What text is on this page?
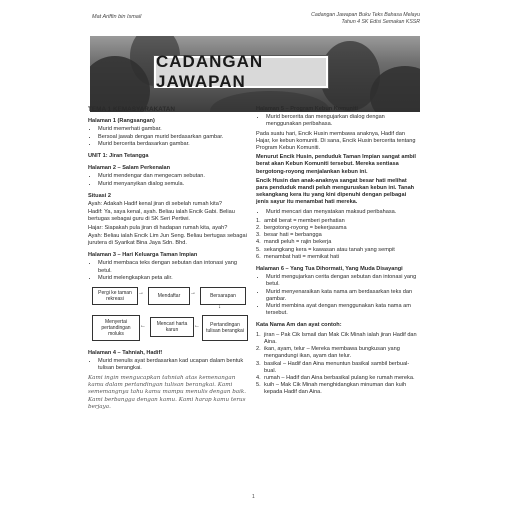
Mat Ariffin bin Ismail	Cadangan Jawapan Buku Teks Bahasa Melayu
Tahun 4 SK Edisi Semakan KSSR
CADANGAN JAWAPAN
TEMA 1 KEMASYARAKATAN
Halaman 1 (Rangsangan)
• Murid memerhati gambar.
• Bersoal jawab dengan murid berdasarkan gambar.
• Murid bercerita berdasarkan gambar.
UNIT 1: Jiran Tetangga
Halaman 2 – Salam Perkenalan
• Murid mendengar dan mengecam sebutan.
• Murid menyanyikan dialog semula.
Situasi 2

Ayah: Adakah Hadif kenal jiran di sebelah rumah kita?

Hadif: Ya, saya kenal, ayah. Beliau ialah Encik Gabi. Beliau bertugas sebagai guru di SK Seri Pertiwi.

Hajar: Siapakah pula jiran di hadapan rumah kita, ayah?

Ayah: Beliau ialah Encik Lim Jun Seng. Beliau bertugas sebagai jurutera di Syarikat Bina Jaya Sdn. Bhd.

Halaman 3 – Hari Keluarga Taman Impian
• Murid membaca teks dengan sebutan dan intonasi yang betul.
• Murid melengkapkan peta alir.
Pergi ke taman rekreasi
→	Mendaftar	→	Bersarapan
↓
Menyertai pertandingan moluks
←	Mencari harta karun
←	Pertandingan tulisan berangkai
Halaman 4 – Tahniah, Hadif!
• Murid menulis ayat berdasarkan kad ucapan dalam bentuk tulisan berangkai.
Kami ingin mengucapkan tahniah atas kemenangan kamu dalam pertandingan tulisan berangkai. Kami sememangnya tahu kamu mampu menulis dengan baik. Kami berbangga dengan kamu. Kami harap kamu terus berjaya.
Halaman 5 – Program Kebun Komuniti
• Murid bercerita dan mengujarkan dialog dengan menggunakan peribahasa.

Pada suatu hari, Encik Husin membawa anaknya, Hadif dan Hajar, ke kebun komuniti. Di sana, Encik Husin bercerita tentang Program Kebun Komuniti.

Menurut Encik Husin, penduduk Taman Impian sangat ambil berat akan Kebun Komuniti tersebut. Mereka sentiasa bergotong-royong menjalankan kebun ini.

Encik Husin dan anak-anaknya sangat besar hati melihat para penduduk mandi peluh menguruskan kebun ini. Tanah sekangkang kera itu yang kini dipenuhi dengan pelbagai jenis sayur itu menambat hati mereka.

• Murid mencari dan menyatakan maksud peribahasa.
1. ambil berat = memberi perhatian
2. bergotong-royong = bekerjasama
3. besar hati = berbangga
4. mandi peluh = rajin bekerja
5. sekangkang kera = kawasan atau tanah yang sempit
6. menambat hati = memikat hati
Halaman 6 – Yang Tua Dihormati, Yang Muda Disayangi
• Murid mengujarkan cerita dengan sebutan dan intonasi yang betul.
• Murid menyenaraikan kata nama am berdasarkan teks dan gambar.
• Murid membina ayat dengan menggunakan kata nama am tersebut.
Kata Nama Am dan ayat contoh:
1. jiran – Pak Cik Ismail dan Mak Cik Minah ialah jiran Hadif dan Aina.
2. ikan, ayam, telur – Mereka membawa bungkusan yang mengandungi ikan, ayam dan telur.
3. basikal – Hadif dan Aina menuntun basikal sambil berbual-bual.
4. rumah – Hadif dan Aina berbasikal pulang ke rumah mereka.
5. kuih – Mak Cik Minah menghidangkan minuman dan kuih kepada Hadif dan Aina.
1
